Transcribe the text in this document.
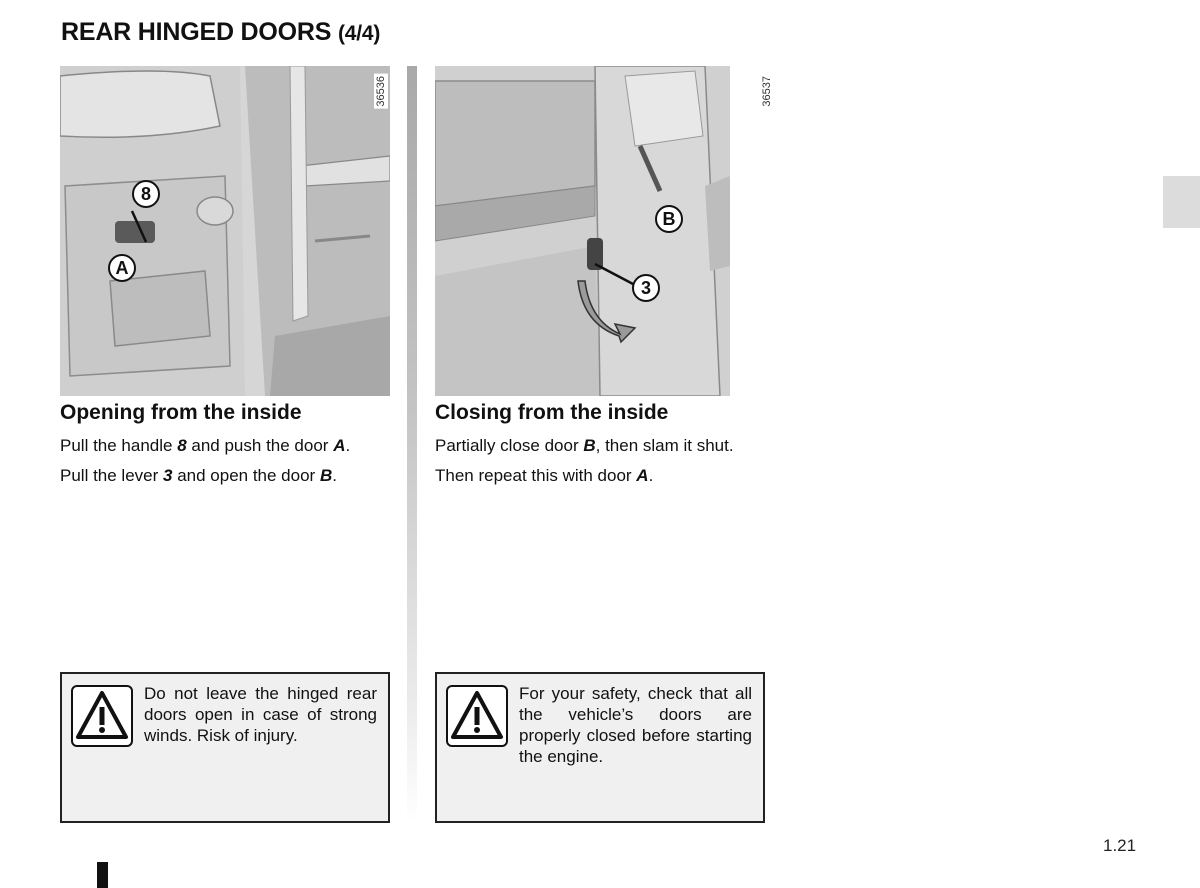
REAR HINGED DOORS (4/4)
36536
8
A
36537
B
3
Opening from the inside
Pull the handle 8 and push the door A.
Pull the lever 3 and open the door B.
Closing from the inside
Partially close door B, then slam it shut.
Then repeat this with door A.
Do not leave the hinged rear doors open in case of strong winds. Risk of injury.
For your safety, check that all the vehicle’s doors are properly closed before starting the engine.
1.21
